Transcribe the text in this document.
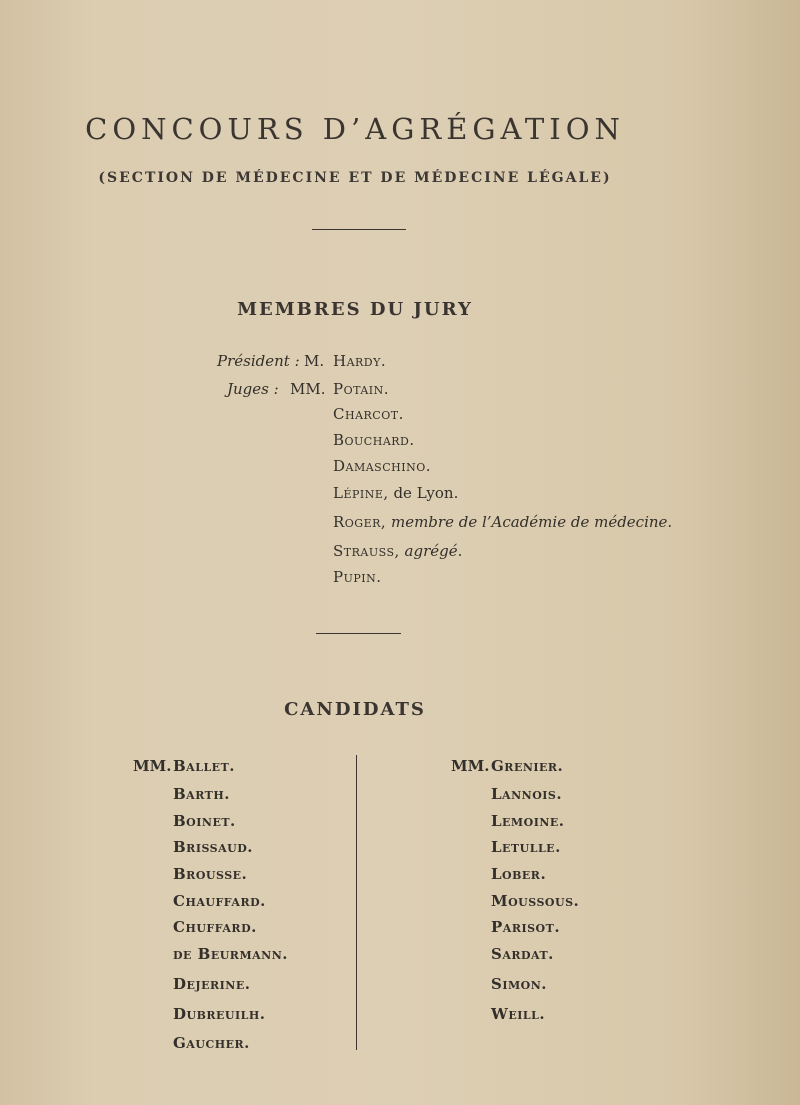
CONCOURS D’AGRÉGATION
(SECTION DE MÉDECINE ET DE MÉDECINE LÉGALE)
MEMBRES DU JURY
Président : M. Hardy.
Juges : MM. Potain.
Charcot.
Bouchard.
Damaschino.
Lépine, de Lyon.
Roger, membre de l’Académie de médecine.
Strauss, agrégé.
Pupin.
CANDIDATS
MM.	MM.
Ballet.
Barth.
Boinet.
Brissaud.
Brousse.
Chauffard.
Chuffard.
de Beurmann.
Dejerine.
Dubreuilh.
Gaucher.
Grenier.
Lannois.
Lemoine.
Letulle.
Lober.
Moussous.
Parisot.
Sardat.
Simon.
Weill.
